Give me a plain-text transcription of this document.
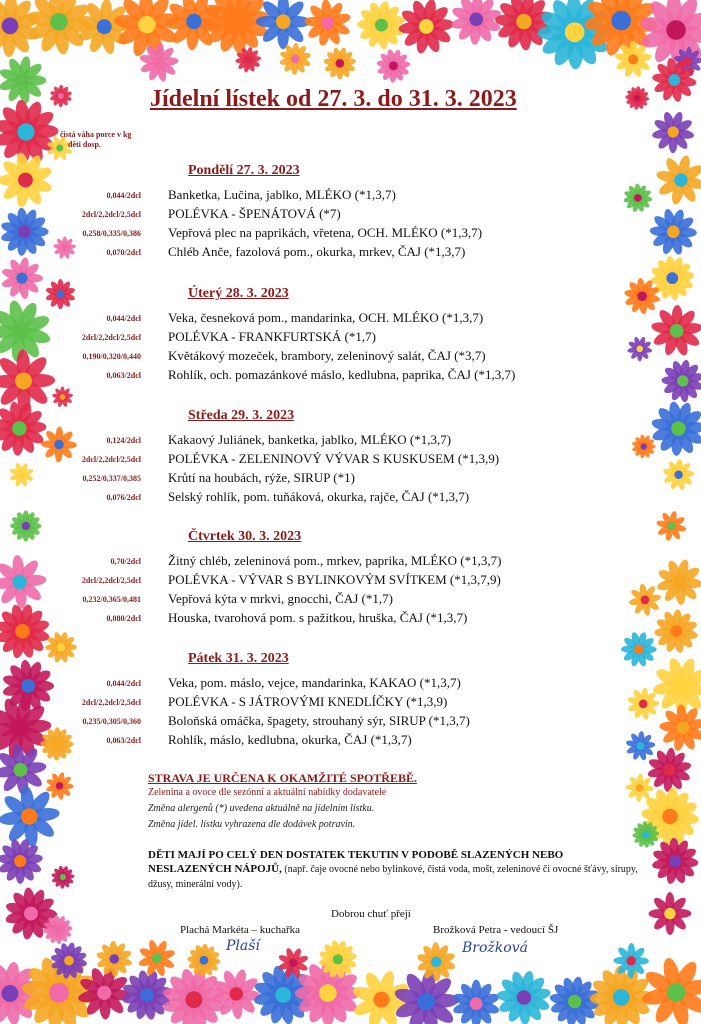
Jídelní lístek od 27. 3. do 31. 3. 2023
čistá váha porce v kg
děti dosp.
Pondělí 27. 3. 2023
0,044/2dcl Banketka, Lučina, jablko, MLÉKO (*1,3,7)
2dcl/2,2dcl/2,5dcl POLÉVKA - ŠPENÁTOVÁ (*7)
0,258/0,335/0,386 Vepřová plec na paprikách, vřetena, OCH. MLÉKO (*1,3,7)
0,070/2dcl Chléb Anče, fazolová pom., okurka, mrkev, ČAJ (*1,3,7)
Úterý 28. 3. 2023
0,044/2dcl Veka, česneková pom., mandarinka, OCH. MLÉKO (*1,3,7)
2dcl/2,2dcl/2,5dcl POLÉVKA - FRANKFURTSKÁ (*1,7)
0,190/0,320/0,440 Květákový mozeček, brambory, zeleninový salát, ČAJ (*3,7)
0,063/2dcl Rohlík, och. pomazánkové máslo, kedlubna, paprika, ČAJ (*1,3,7)
Středa 29. 3. 2023
0,124/2dcl Kakaový Juliánek, banketka, jablko, MLÉKO (*1,3,7)
2dcl/2,2dcl/2,5dcl POLÉVKA - ZELENINOVÝ VÝVAR S KUSKUSEM (*1,3,9)
0,252/0,337/0,385 Krůtí na houbách, rýže, SIRUP (*1)
0,076/2dcl Selský rohlík, pom. tuňáková, okurka, rajče, ČAJ (*1,3,7)
Čtvrtek 30. 3. 2023
0,70/2dcl Žitný chléb, zeleninová pom., mrkev, paprika, MLÉKO (*1,3,7)
2dcl/2,2dcl/2,5dcl POLÉVKA - VÝVAR S BYLINKOVÝM SVÍTKEM (*1,3,7,9)
0,232/0,365/0,481 Vepřová kýta v mrkvi, gnocchi, ČAJ (*1,7)
0,080/2dcl Houska, tvarohová pom. s pažitkou, hruška, ČAJ (*1,3,7)
Pátek 31. 3. 2023
0,044/2dcl Veka, pom. máslo, vejce, mandarinka, KAKAO (*1,3,7)
2dcl/2,2dcl/2,5dcl POLÉVKA - S JÁTROVÝMI KNEDLÍČKY (*1,3,9)
0,235/0,305/0,360 Boloňská omáčka, špagety, strouhaný sýr, SIRUP (*1,3,7)
0,063/2dcl Rohlík, máslo, kedlubna, okurka, ČAJ (*1,3,7)
STRAVA JE URČENA K OKAMŽITÉ SPOTŘEBĚ.
Zelenina a ovoce dle sezónní a aktuální nabídky dodavatele
Změna alergenů (*) uvedena aktuálně na jídelním lístku.
Změna jídel. lístku vyhrazena dle dodávek potravin.
DĚTI MAJÍ PO CELÝ DEN DOSTATEK TEKUTIN V PODOBĚ SLAZENÝCH NEBO NESLAZENÝCH NÁPOJŮ, (např. čaje ovocné nebo bylinkové, čistá voda, mošt, zeleninové či ovocné šťávy, sirupy, džusy, minerální vody).
Dobrou chuť přejí
Plachá Markéta – kuchařka	Brožková Petra - vedoucí ŠJ
Plaší	Brožková
